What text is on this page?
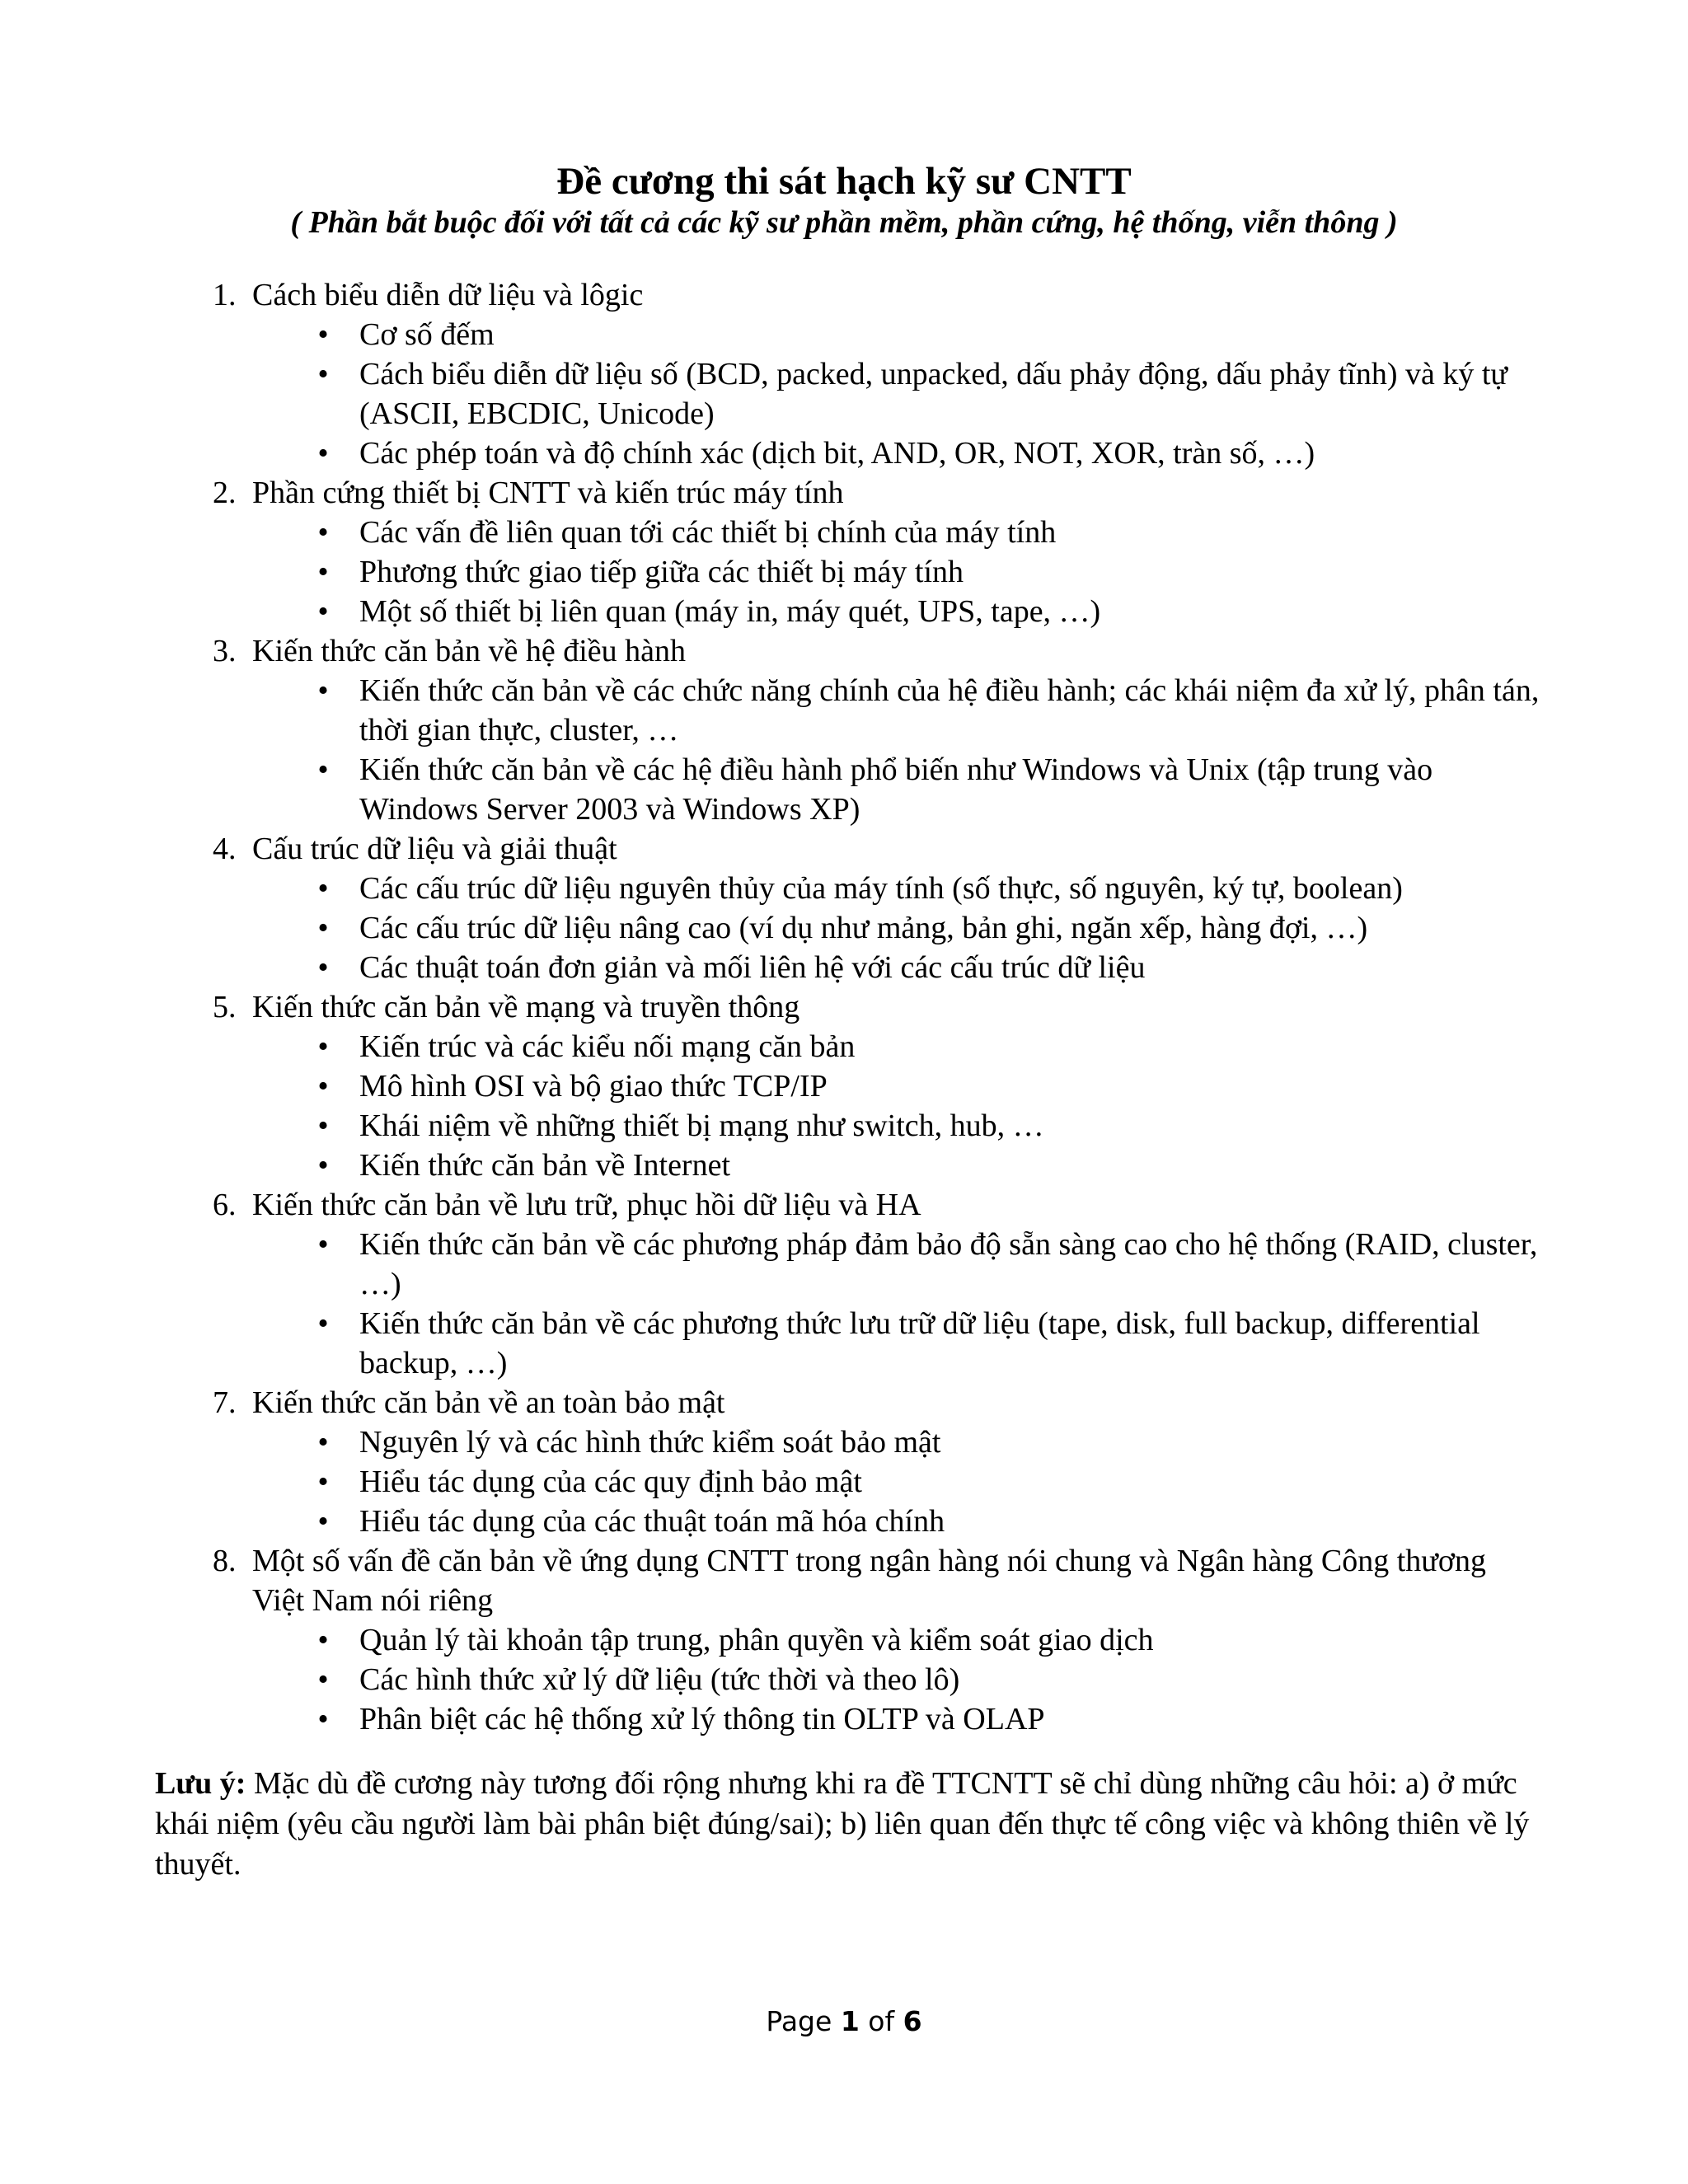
Đề cương thi sát hạch kỹ sư CNTT

( Phần bắt buộc đối với tất cả các kỹ sư phần mềm, phần cứng, hệ thống, viễn thông )

1. Cách biểu diễn dữ liệu và lôgic
• Cơ số đếm
• Cách biểu diễn dữ liệu số (BCD, packed, unpacked, dấu phảy động, dấu phảy tĩnh) và ký tự (ASCII, EBCDIC, Unicode)
• Các phép toán và độ chính xác (dịch bit, AND, OR, NOT, XOR, tràn số, …)
2. Phần cứng thiết bị CNTT và kiến trúc máy tính
• Các vấn đề liên quan tới các thiết bị chính của máy tính
• Phương thức giao tiếp giữa các thiết bị máy tính
• Một số thiết bị liên quan (máy in, máy quét, UPS, tape, …)
3. Kiến thức căn bản về hệ điều hành
• Kiến thức căn bản về các chức năng chính của hệ điều hành; các khái niệm đa xử lý, phân tán, thời gian thực, cluster, …
• Kiến thức căn bản về các hệ điều hành phổ biến như Windows và Unix (tập trung vào Windows Server 2003 và Windows XP)
4. Cấu trúc dữ liệu và giải thuật
• Các cấu trúc dữ liệu nguyên thủy của máy tính (số thực, số nguyên, ký tự, boolean)
• Các cấu trúc dữ liệu nâng cao (ví dụ như mảng, bản ghi, ngăn xếp, hàng đợi, …)
• Các thuật toán đơn giản và mối liên hệ với các cấu trúc dữ liệu
5. Kiến thức căn bản về mạng và truyền thông
• Kiến trúc và các kiểu nối mạng căn bản
• Mô hình OSI và bộ giao thức TCP/IP
• Khái niệm về những thiết bị mạng như switch, hub, …
• Kiến thức căn bản về Internet
6. Kiến thức căn bản về lưu trữ, phục hồi dữ liệu và HA
• Kiến thức căn bản về các phương pháp đảm bảo độ sẵn sàng cao cho hệ thống (RAID, cluster, …)
• Kiến thức căn bản về các phương thức lưu trữ dữ liệu (tape, disk, full backup, differential backup, …)
7. Kiến thức căn bản về an toàn bảo mật
• Nguyên lý và các hình thức kiểm soát bảo mật
• Hiểu tác dụng của các quy định bảo mật
• Hiểu tác dụng của các thuật toán mã hóa chính
8. Một số vấn đề căn bản về ứng dụng CNTT trong ngân hàng nói chung và Ngân hàng Công thương Việt Nam nói riêng
• Quản lý tài khoản tập trung, phân quyền và kiểm soát giao dịch
• Các hình thức xử lý dữ liệu (tức thời và theo lô)
• Phân biệt các hệ thống xử lý thông tin OLTP và OLAP
Lưu ý: Mặc dù đề cương này tương đối rộng nhưng khi ra đề TTCNTT sẽ chỉ dùng những câu hỏi: a) ở mức khái niệm (yêu cầu người làm bài phân biệt đúng/sai); b) liên quan đến thực tế công việc và không thiên về lý thuyết.
Page 1 of 6
